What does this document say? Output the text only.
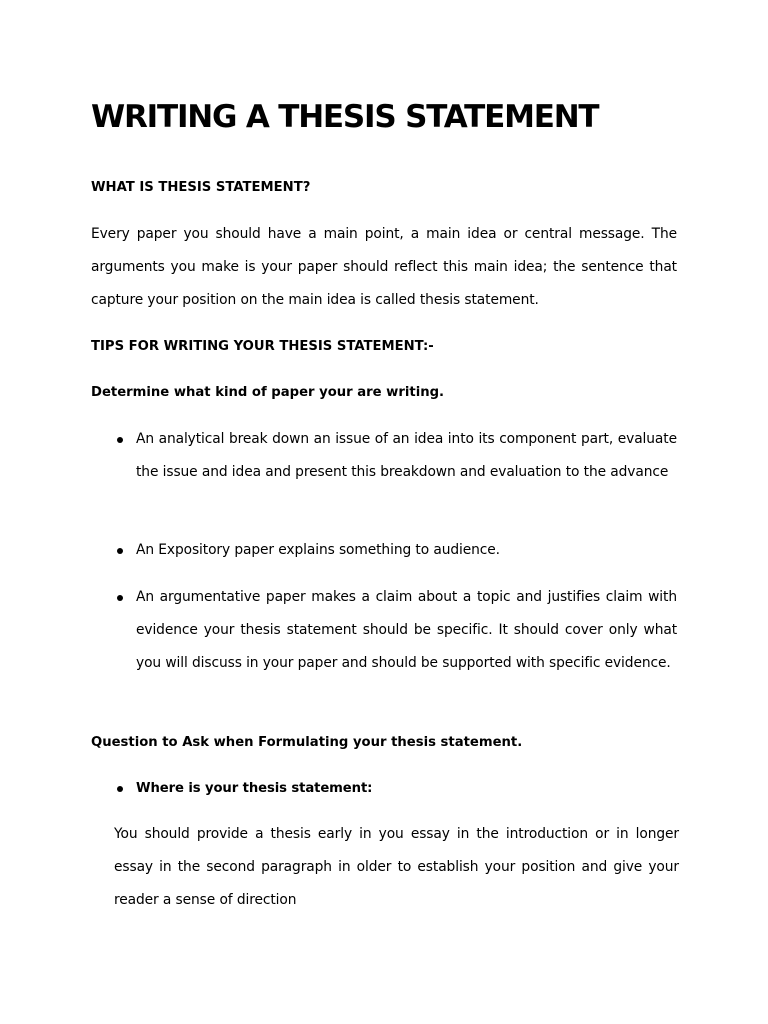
WRITING A THESIS STATEMENT

WHAT IS THESIS STATEMENT?

Every paper you should have a main point, a main idea or central message. The arguments you make is your paper should reflect this main idea; the sentence that capture your position on the main idea is called thesis statement.

TIPS FOR WRITING YOUR THESIS STATEMENT:-

Determine what kind of paper your are writing.

An analytical break down an issue of an idea into its component part, evaluate the issue and idea and present this breakdown and evaluation to the advance

An Expository paper explains something to audience.

An argumentative paper makes a claim about a topic and justifies claim with evidence your thesis statement should be specific. It should cover only what you will discuss in your paper and should be supported with specific evidence.

Question to Ask when Formulating your thesis statement.

Where is your thesis statement:

You should provide a thesis early in you essay in the introduction or in longer essay in the second paragraph in older to establish your position and give your reader a sense of direction
